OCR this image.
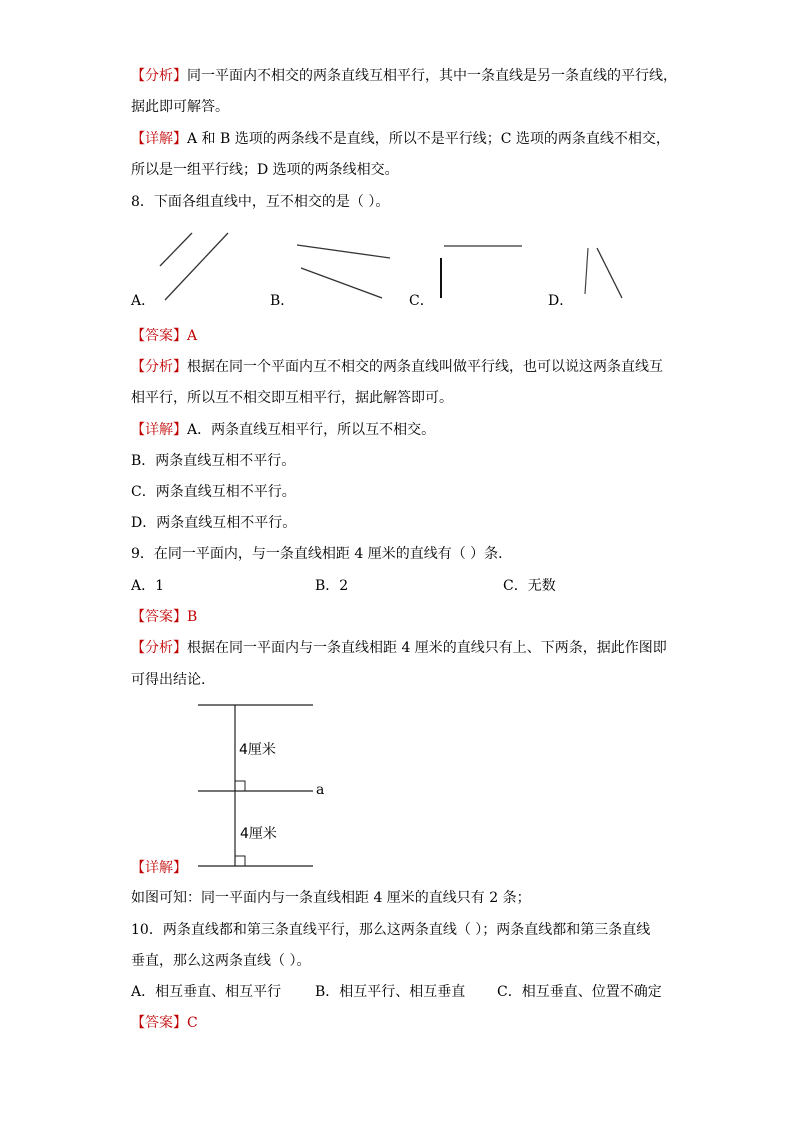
【分析】同一平面内不相交的两条直线互相平行，其中一条直线是另一条直线的平行线，
据此即可解答。
【详解】A 和 B 选项的两条线不是直线，所以不是平行线；C 选项的两条直线不相交，
所以是一组平行线；D 选项的两条线相交。
8．下面各组直线中，互不相交的是（ ）。
A．	B．	C．	D．
【答案】A
【分析】根据在同一个平面内互不相交的两条直线叫做平行线，也可以说这两条直线互
相平行，所以互不相交即互相平行，据此解答即可。
【详解】A．两条直线互相平行，所以互不相交。
B．两条直线互相不平行。
C．两条直线互相不平行。
D．两条直线互相不平行。
9．在同一平面内，与一条直线相距 4 厘米的直线有（ ）条．
A．1	B．2	C．无数
【答案】B
【分析】根据在同一平面内与一条直线相距 4 厘米的直线只有上、下两条，据此作图即
可得出结论.
4厘米
a
4厘米
【详解】
如图可知：同一平面内与一条直线相距 4 厘米的直线只有 2 条；
10．两条直线都和第三条直线平行，那么这两条直线（ ）；两条直线都和第三条直线
垂直，那么这两条直线（ ）。
A．相互垂直、相互平行 B．相互平行、相互垂直 C．相互垂直、位置不确定
【答案】C
